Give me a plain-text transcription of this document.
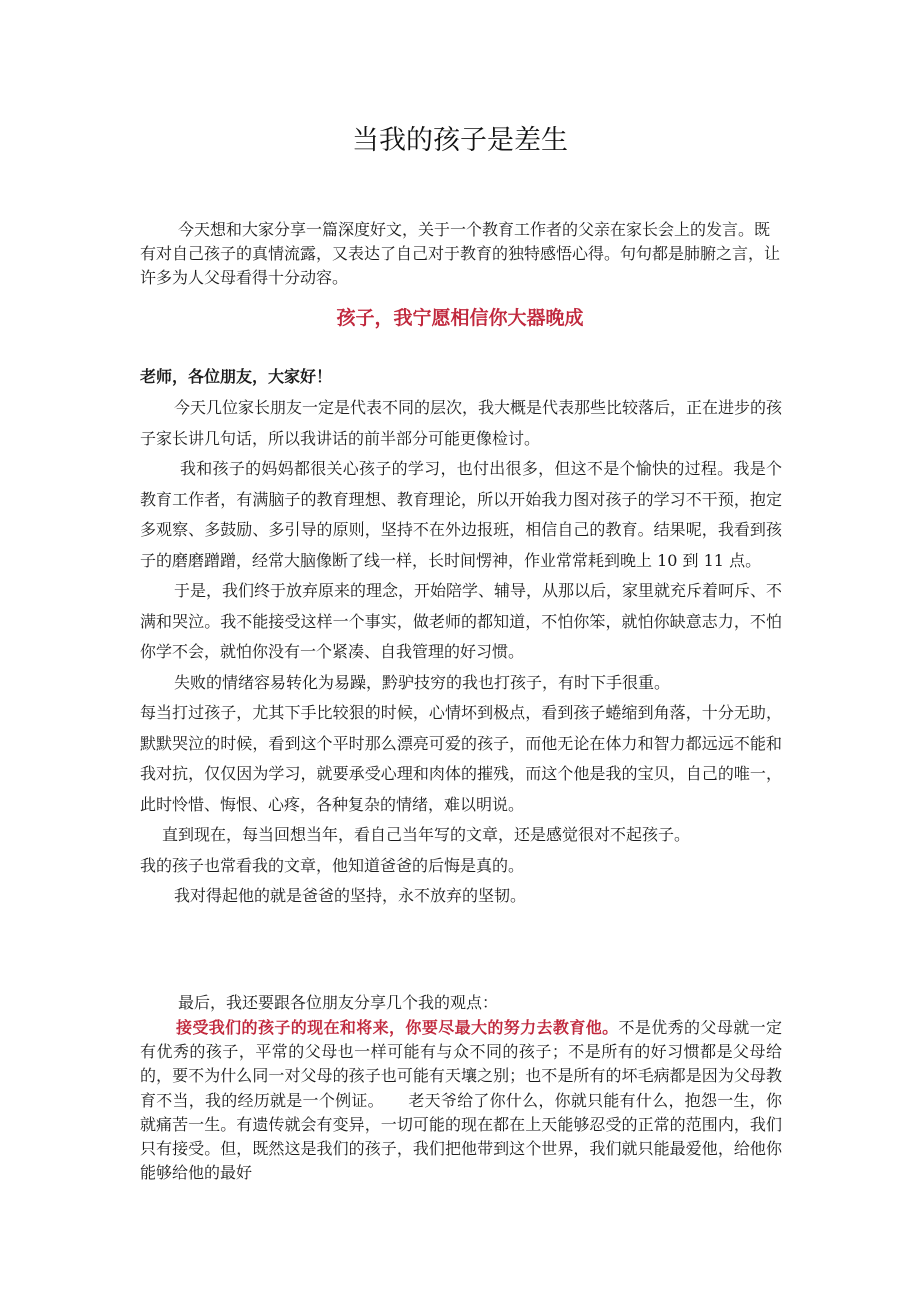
当我的孩子是差生

今天想和大家分享一篇深度好文，关于一个教育工作者的父亲在家长会上的发言。既有对自己孩子的真情流露，又表达了自己对于教育的独特感悟心得。句句都是肺腑之言，让许多为人父母看得十分动容。

孩子，我宁愿相信你大器晚成

老师，各位朋友，大家好！

今天几位家长朋友一定是代表不同的层次，我大概是代表那些比较落后，正在进步的孩子家长讲几句话，所以我讲话的前半部分可能更像检讨。

我和孩子的妈妈都很关心孩子的学习，也付出很多，但这不是个愉快的过程。我是个教育工作者，有满脑子的教育理想、教育理论，所以开始我力图对孩子的学习不干预，抱定多观察、多鼓励、多引导的原则，坚持不在外边报班，相信自己的教育。结果呢，我看到孩子的磨磨蹭蹭，经常大脑像断了线一样，长时间愣神，作业常常耗到晚上 10 到 11 点。

于是，我们终于放弃原来的理念，开始陪学、辅导，从那以后，家里就充斥着呵斥、不满和哭泣。我不能接受这样一个事实，做老师的都知道，不怕你笨，就怕你缺意志力，不怕你学不会，就怕你没有一个紧凑、自我管理的好习惯。

失败的情绪容易转化为易躁，黔驴技穷的我也打孩子，有时下手很重。

每当打过孩子，尤其下手比较狠的时候，心情坏到极点，看到孩子蜷缩到角落，十分无助，默默哭泣的时候，看到这个平时那么漂亮可爱的孩子，而他无论在体力和智力都远远不能和我对抗，仅仅因为学习，就要承受心理和肉体的摧残，而这个他是我的宝贝，自己的唯一，此时怜惜、悔恨、心疼，各种复杂的情绪，难以明说。

直到现在，每当回想当年，看自己当年写的文章，还是感觉很对不起孩子。

我的孩子也常看我的文章，他知道爸爸的后悔是真的。

我对得起他的就是爸爸的坚持，永不放弃的坚韧。

最后，我还要跟各位朋友分享几个我的观点：

接受我们的孩子的现在和将来，你要尽最大的努力去教育他。不是优秀的父母就一定有优秀的孩子，平常的父母也一样可能有与众不同的孩子；不是所有的好习惯都是父母给的，要不为什么同一对父母的孩子也可能有天壤之别；也不是所有的坏毛病都是因为父母教育不当，我的经历就是一个例证。　　老天爷给了你什么，你就只能有什么，抱怨一生，你就痛苦一生。有遗传就会有变异，一切可能的现在都在上天能够忍受的正常的范围内，我们只有接受。但，既然这是我们的孩子，我们把他带到这个世界，我们就只能最爱他，给他你能够给他的最好
